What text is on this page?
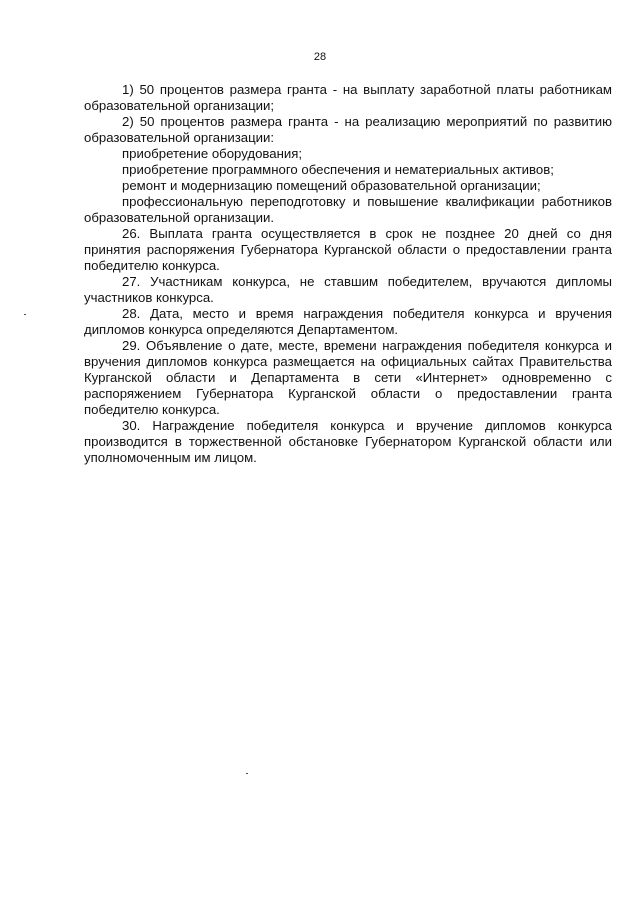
28

1) 50 процентов размера гранта - на выплату заработной платы работникам образовательной организации;

2) 50 процентов размера гранта - на реализацию мероприятий по развитию образовательной организации:

приобретение оборудования;

приобретение программного обеспечения и нематериальных активов;

ремонт и модернизацию помещений образовательной организации;

профессиональную переподготовку и повышение квалификации работников образовательной организации.

26. Выплата гранта осуществляется в срок не позднее 20 дней со дня принятия распоряжения Губернатора Курганской области о предоставлении гранта победителю конкурса.

27. Участникам конкурса, не ставшим победителем, вручаются дипломы участников конкурса.

28. Дата, место и время награждения победителя конкурса и вручения дипломов конкурса определяются Департаментом.

29. Объявление о дате, месте, времени награждения победителя конкурса и вручения дипломов конкурса размещается на официальных сайтах Правительства Курганской области и Департамента в сети «Интернет» одновременно с распоряжением Губернатора Курганской области о предоставлении гранта победителю конкурса.

30. Награждение победителя конкурса и вручение дипломов конкурса производится в торжественной обстановке Губернатором Курганской области или уполномоченным им лицом.
